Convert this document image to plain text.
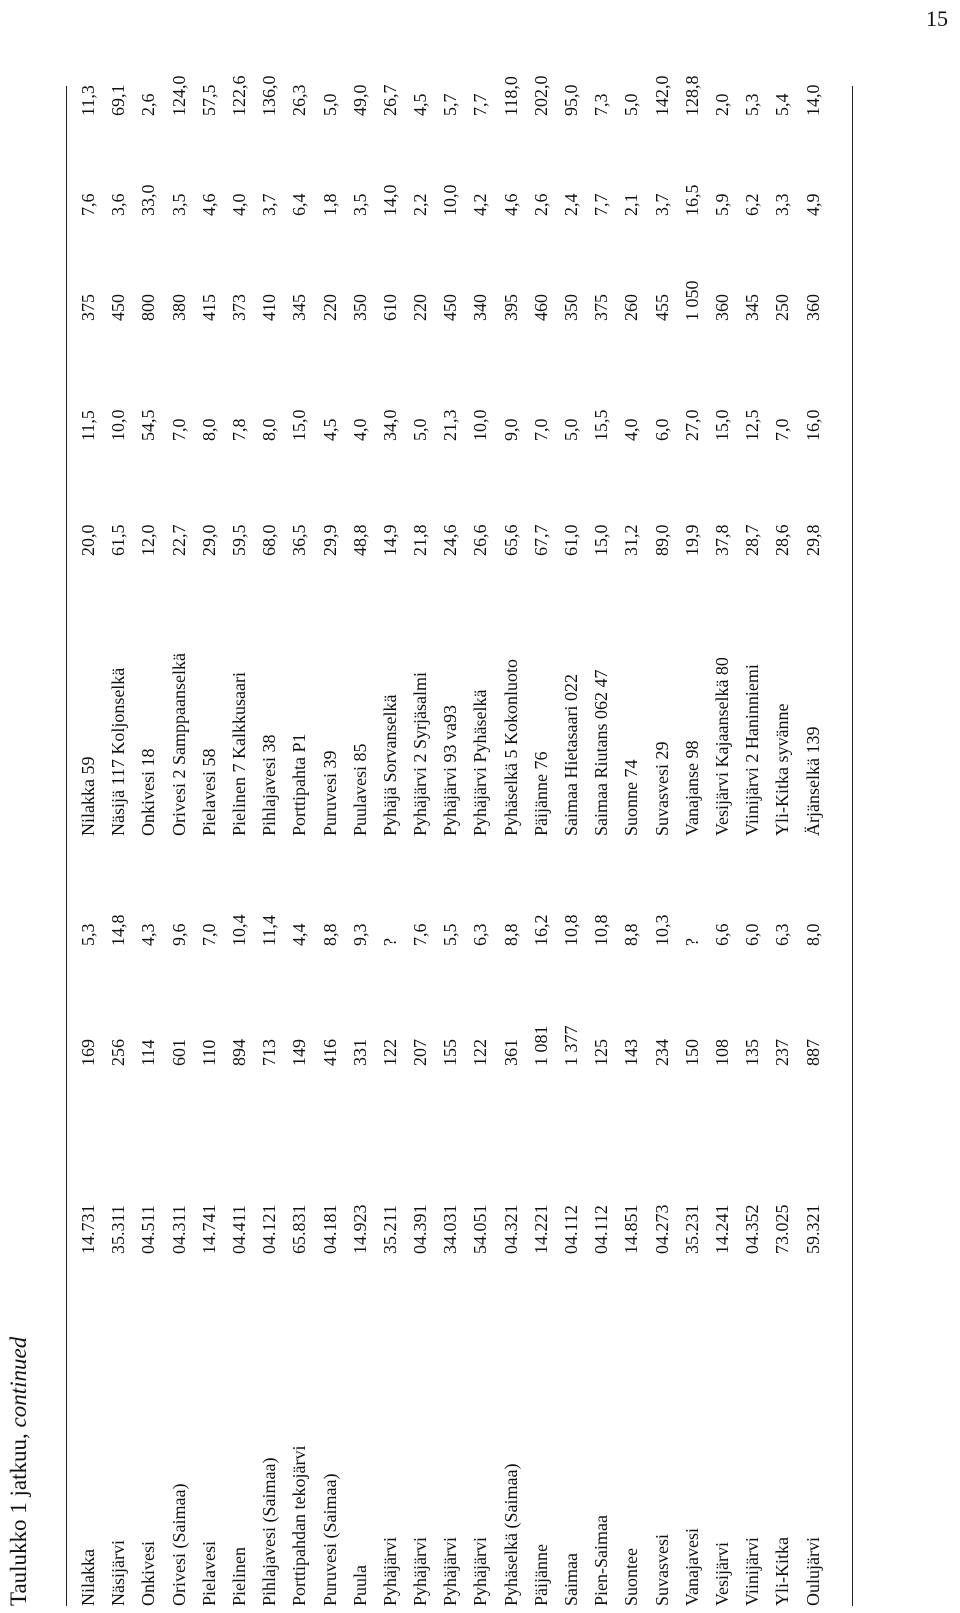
15
Taulukko 1 jatkuu, continued
Nilakka
14.731
169
5,3
Nilakka 59
20,0
11,5
375
7,6
11,3
Näsijärvi
35.311
256
14,8
Näsijä 117 Koljonselkä
61,5
10,0
450
3,6
69,1
Onkivesi
04.511
114
4,3
Onkivesi 18
12,0
54,5
800
33,0
2,6
Orivesi (Saimaa)
04.311
601
9,6
Orivesi 2 Samppaanselkä
22,7
7,0
380
3,5
124,0
Pielavesi
14.741
110
7,0
Pielavesi 58
29,0
8,0
415
4,6
57,5
Pielinen
04.411
894
10,4
Pielinen 7 Kalkkusaari
59,5
7,8
373
4,0
122,6
Pihlajavesi (Saimaa)
04.121
713
11,4
Pihlajavesi 38
68,0
8,0
410
3,7
136,0
Porttipahdan tekojärvi
65.831
149
4,4
Porttipahta P1
36,5
15,0
345
6,4
26,3
Puruvesi (Saimaa)
04.181
416
8,8
Puruvesi 39
29,9
4,5
220
1,8
5,0
Puula
14.923
331
9,3
Puulavesi 85
48,8
4,0
350
3,5
49,0
Pyhäjärvi
35.211
122
?
Pyhäjä Sorvanselkä
14,9
34,0
610
14,0
26,7
Pyhäjärvi
04.391
207
7,6
Pyhäjärvi 2 Syrjäsalmi
21,8
5,0
220
2,2
4,5
Pyhäjärvi
34.031
155
5,5
Pyhäjärvi 93 va93
24,6
21,3
450
10,0
5,7
Pyhäjärvi
54.051
122
6,3
Pyhäjärvi Pyhäselkä
26,6
10,0
340
4,2
7,7
Pyhäselkä (Saimaa)
04.321
361
8,8
Pyhäselkä 5 Kokonluoto
65,6
9,0
395
4,6
118,0
Päijänne
14.221
1 081
16,2
Päijänne 76
67,7
7,0
460
2,6
202,0
Saimaa
04.112
1 377
10,8
Saimaa Hietasaari 022
61,0
5,0
350
2,4
95,0
Pien-Saimaa
04.112
125
10,8
Saimaa Riutans 062 47
15,0
15,5
375
7,7
7,3
Suontee
14.851
143
8,8
Suonne 74
31,2
4,0
260
2,1
5,0
Suvasvesi
04.273
234
10,3
Suvasvesi 29
89,0
6,0
455
3,7
142,0
Vanajavesi
35.231
150
?
Vanajanse 98
19,9
27,0
1 050
16,5
128,8
Vesijärvi
14.241
108
6,6
Vesijärvi Kajaanselkä 80
37,8
15,0
360
5,9
2,0
Viinijärvi
04.352
135
6,0
Viinijärvi 2 Haninniemi
28,7
12,5
345
6,2
5,3
Yli-Kitka
73.025
237
6,3
Yli-Kitka syvänne
28,6
7,0
250
3,3
5,4
Oulujärvi
59.321
887
8,0
Ärjänselkä 139
29,8
16,0
360
4,9
14,0
